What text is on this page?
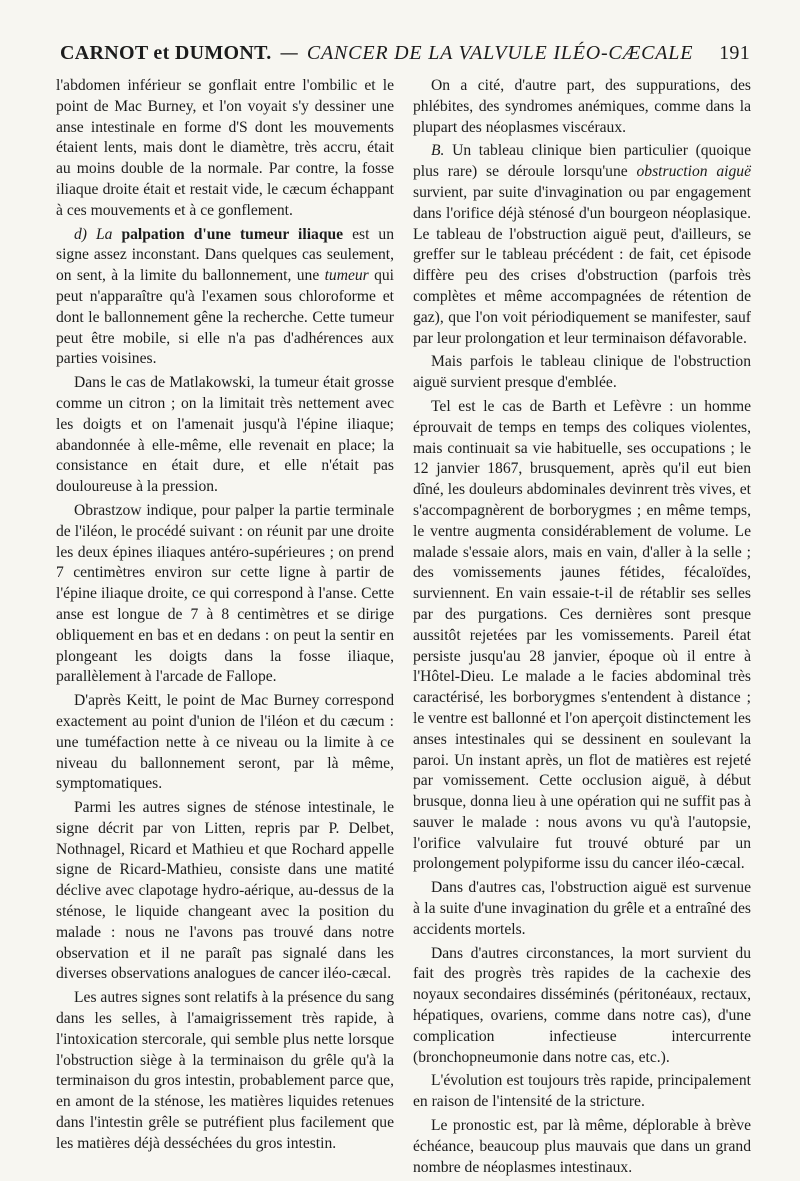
CARNOT et DUMONT. — CANCER DE LA VALVULE ILÉO-CÆCALE 191

l'abdomen inférieur se gonflait entre l'ombilic et le point de Mac Burney, et l'on voyait s'y dessiner une anse intestinale en forme d'S dont les mouvements étaient lents, mais dont le diamètre, très accru, était au moins double de la normale. Par contre, la fosse iliaque droite était et restait vide, le cæcum échappant à ces mouvements et à ce gonflement.

d) La palpation d'une tumeur iliaque est un signe assez inconstant. Dans quelques cas seulement, on sent, à la limite du ballonnement, une tumeur qui peut n'apparaître qu'à l'examen sous chloroforme et dont le ballonnement gêne la recherche. Cette tumeur peut être mobile, si elle n'a pas d'adhérences aux parties voisines.

Dans le cas de Matlakowski, la tumeur était grosse comme un citron ; on la limitait très nettement avec les doigts et on l'amenait jusqu'à l'épine iliaque; abandonnée à elle-même, elle revenait en place; la consistance en était dure, et elle n'était pas douloureuse à la pression.

Obrastzow indique, pour palper la partie terminale de l'iléon, le procédé suivant : on réunit par une droite les deux épines iliaques antéro-supérieures ; on prend 7 centimètres environ sur cette ligne à partir de l'épine iliaque droite, ce qui correspond à l'anse. Cette anse est longue de 7 à 8 centimètres et se dirige obliquement en bas et en dedans : on peut la sentir en plongeant les doigts dans la fosse iliaque, parallèlement à l'arcade de Fallope.

D'après Keitt, le point de Mac Burney correspond exactement au point d'union de l'iléon et du cæcum : une tuméfaction nette à ce niveau ou la limite à ce niveau du ballonnement seront, par là même, symptomatiques.

Parmi les autres signes de sténose intestinale, le signe décrit par von Litten, repris par P. Delbet, Nothnagel, Ricard et Mathieu et que Rochard appelle signe de Ricard-Mathieu, consiste dans une matité déclive avec clapotage hydro-aérique, au-dessus de la sténose, le liquide changeant avec la position du malade : nous ne l'avons pas trouvé dans notre observation et il ne paraît pas signalé dans les diverses observations analogues de cancer iléo-cæcal.

Les autres signes sont relatifs à la présence du sang dans les selles, à l'amaigrissement très rapide, à l'intoxication stercorale, qui semble plus nette lorsque l'obstruction siège à la terminaison du grêle qu'à la terminaison du gros intestin, probablement parce que, en amont de la sténose, les matières liquides retenues dans l'intestin grêle se putréfient plus facilement que les matières déjà desséchées du gros intestin.

On a cité, d'autre part, des suppurations, des phlébites, des syndromes anémiques, comme dans la plupart des néoplasmes viscéraux.

B. Un tableau clinique bien particulier (quoique plus rare) se déroule lorsqu'une obstruction aiguë survient, par suite d'invagination ou par engagement dans l'orifice déjà sténosé d'un bourgeon néoplasique. Le tableau de l'obstruction aiguë peut, d'ailleurs, se greffer sur le tableau précédent : de fait, cet épisode diffère peu des crises d'obstruction (parfois très complètes et même accompagnées de rétention de gaz), que l'on voit périodiquement se manifester, sauf par leur prolongation et leur terminaison défavorable.

Mais parfois le tableau clinique de l'obstruction aiguë survient presque d'emblée.

Tel est le cas de Barth et Lefèvre : un homme éprouvait de temps en temps des coliques violentes, mais continuait sa vie habituelle, ses occupations ; le 12 janvier 1867, brusquement, après qu'il eut bien dîné, les douleurs abdominales devinrent très vives, et s'accompagnèrent de borborygmes ; en même temps, le ventre augmenta considérablement de volume. Le malade s'essaie alors, mais en vain, d'aller à la selle ; des vomissements jaunes fétides, fécaloïdes, surviennent. En vain essaie-t-il de rétablir ses selles par des purgations. Ces dernières sont presque aussitôt rejetées par les vomissements. Pareil état persiste jusqu'au 28 janvier, époque où il entre à l'Hôtel-Dieu. Le malade a le facies abdominal très caractérisé, les borborygmes s'entendent à distance ; le ventre est ballonné et l'on aperçoit distinctement les anses intestinales qui se dessinent en soulevant la paroi. Un instant après, un flot de matières est rejeté par vomissement. Cette occlusion aiguë, à début brusque, donna lieu à une opération qui ne suffit pas à sauver le malade : nous avons vu qu'à l'autopsie, l'orifice valvulaire fut trouvé obturé par un prolongement polypiforme issu du cancer iléo-cæcal.

Dans d'autres cas, l'obstruction aiguë est survenue à la suite d'une invagination du grêle et a entraîné des accidents mortels.

Dans d'autres circonstances, la mort survient du fait des progrès très rapides de la cachexie des noyaux secondaires disséminés (péritonéaux, rectaux, hépatiques, ovariens, comme dans notre cas), d'une complication infectieuse intercurrente (bronchopneumonie dans notre cas, etc.).

L'évolution est toujours très rapide, principalement en raison de l'intensité de la stricture.

Le pronostic est, par là même, déplorable à brève échéance, beaucoup plus mauvais que dans un grand nombre de néoplasmes intestinaux.
